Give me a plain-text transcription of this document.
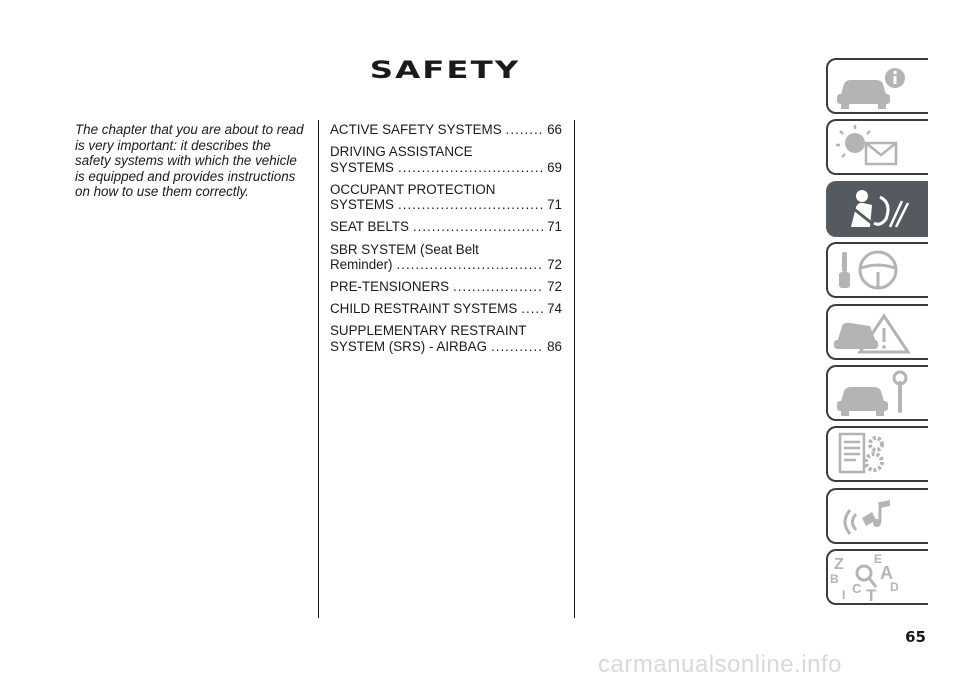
SAFETY
The chapter that you are about to read is very important: it describes the safety systems with which the vehicle is equipped and provides instructions on how to use them correctly.
ACTIVE SAFETY SYSTEMS .....	66
DRIVING ASSISTANCE
SYSTEMS .....	69
OCCUPANT PROTECTION
SYSTEMS .....	71
SEAT BELTS .....	71
SBR SYSTEM (Seat Belt
Reminder) .....	72
PRE-TENSIONERS .....	72
CHILD RESTRAINT SYSTEMS ..... 74
SUPPLEMENTARY RESTRAINT
SYSTEM (SRS) - AIRBAG .....	86
Z	E
A
B
C T D
I
65
carmanualsonline.info
